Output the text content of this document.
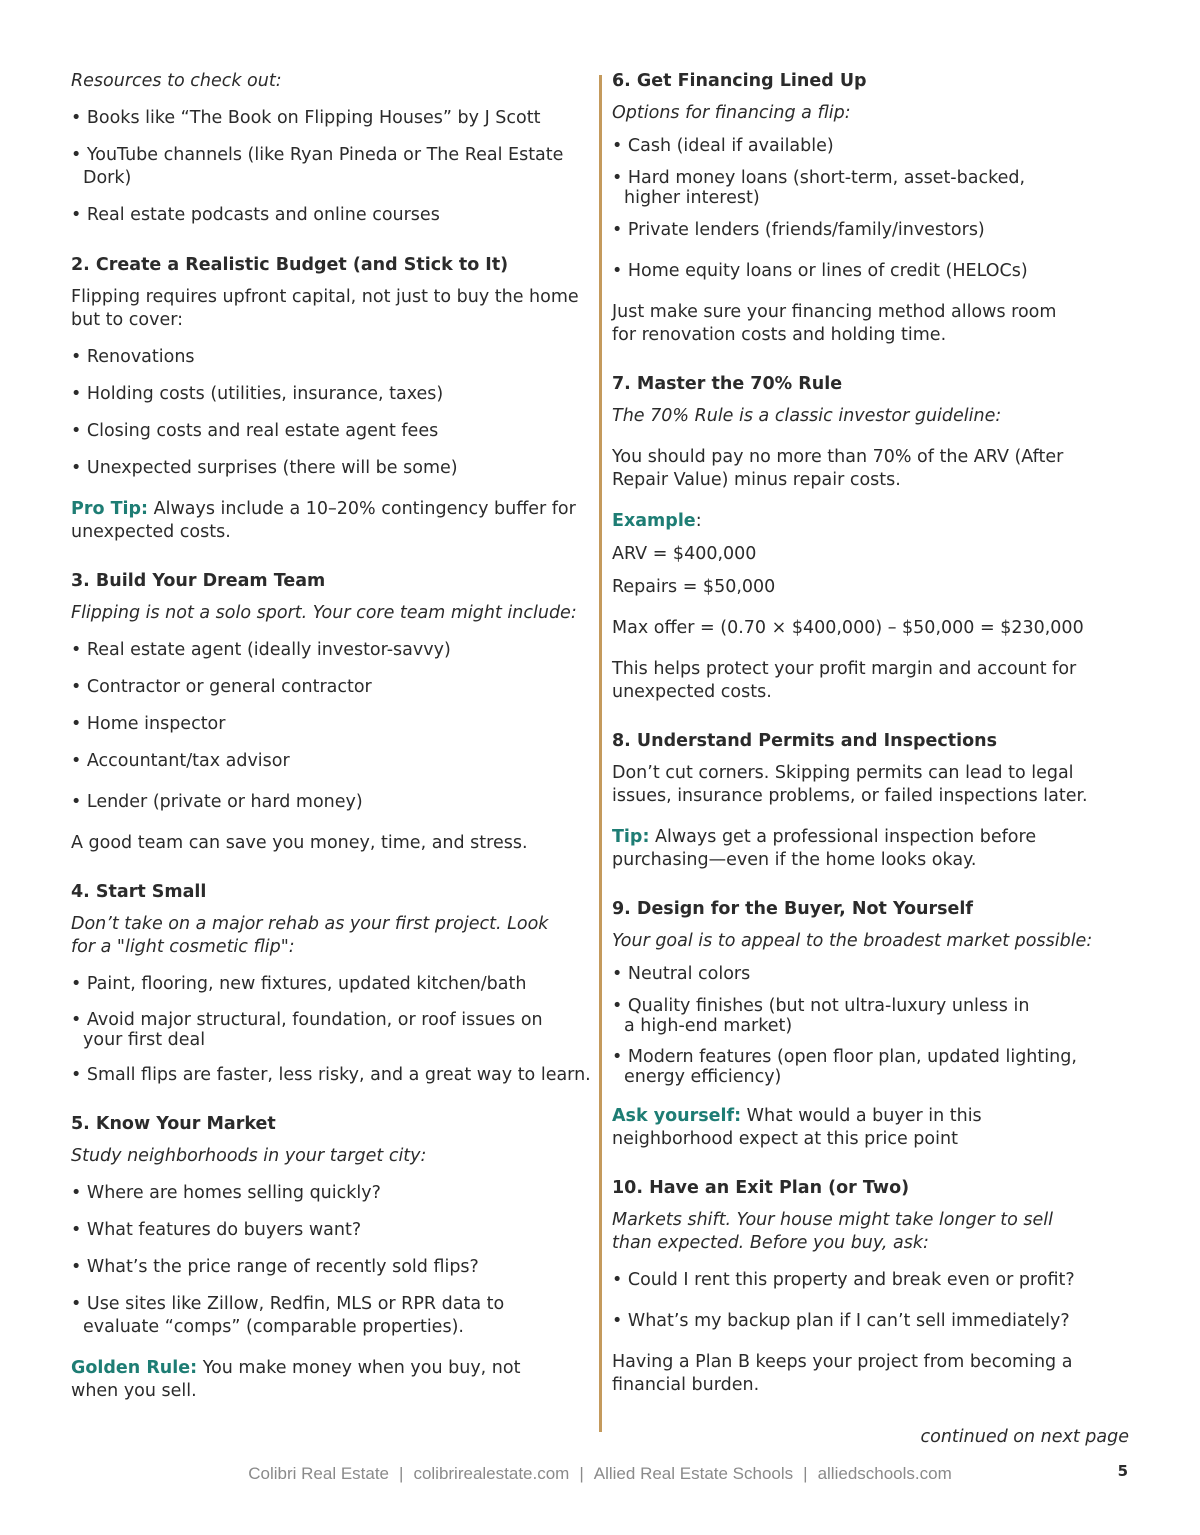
Resources to check out:

• Books like “The Book on Flipping Houses” by J Scott

• YouTube channels (like Ryan Pineda or The Real Estate Dork)

• Real estate podcasts and online courses

2. Create a Realistic Budget (and Stick to It)

Flipping requires upfront capital, not just to buy the home but to cover:

• Renovations

• Holding costs (utilities, insurance, taxes)

• Closing costs and real estate agent fees

• Unexpected surprises (there will be some)

Pro Tip: Always include a 10–20% contingency buffer for unexpected costs.

3. Build Your Dream Team

Flipping is not a solo sport. Your core team might include:

• Real estate agent (ideally investor-savvy)

• Contractor or general contractor

• Home inspector

• Accountant/tax advisor

• Lender (private or hard money)

A good team can save you money, time, and stress.

4. Start Small

Don’t take on a major rehab as your first project. Look for a "light cosmetic flip":

• Paint, flooring, new fixtures, updated kitchen/bath

• Avoid major structural, foundation, or roof issues on your first deal

• Small flips are faster, less risky, and a great way to learn.

5. Know Your Market

Study neighborhoods in your target city:

• Where are homes selling quickly?

• What features do buyers want?

• What’s the price range of recently sold flips?

• Use sites like Zillow, Redfin, MLS or RPR data to evaluate “comps” (comparable properties).

Golden Rule: You make money when you buy, not when you sell.

6. Get Financing Lined Up

Options for financing a flip:

• Cash (ideal if available)

• Hard money loans (short-term, asset-backed, higher interest)

• Private lenders (friends/family/investors)

• Home equity loans or lines of credit (HELOCs)

Just make sure your financing method allows room for renovation costs and holding time.

7. Master the 70% Rule

The 70% Rule is a classic investor guideline:

You should pay no more than 70% of the ARV (After Repair Value) minus repair costs.

Example:

ARV = $400,000

Repairs = $50,000

Max offer = (0.70 × $400,000) – $50,000 = $230,000

This helps protect your profit margin and account for unexpected costs.

8. Understand Permits and Inspections

Don’t cut corners. Skipping permits can lead to legal issues, insurance problems, or failed inspections later.

Tip: Always get a professional inspection before purchasing—even if the home looks okay.

9. Design for the Buyer, Not Yourself

Your goal is to appeal to the broadest market possible:

• Neutral colors

• Quality finishes (but not ultra-luxury unless in a high-end market)

• Modern features (open floor plan, updated lighting, energy efficiency)

Ask yourself: What would a buyer in this neighborhood expect at this price point

10. Have an Exit Plan (or Two)

Markets shift. Your house might take longer to sell than expected. Before you buy, ask:

• Could I rent this property and break even or profit?

• What’s my backup plan if I can’t sell immediately?

Having a Plan B keeps your project from becoming a financial burden.

continued on next page
Colibri Real Estate | colibrirealestate.com | Allied Real Estate Schools | alliedschools.com	5
